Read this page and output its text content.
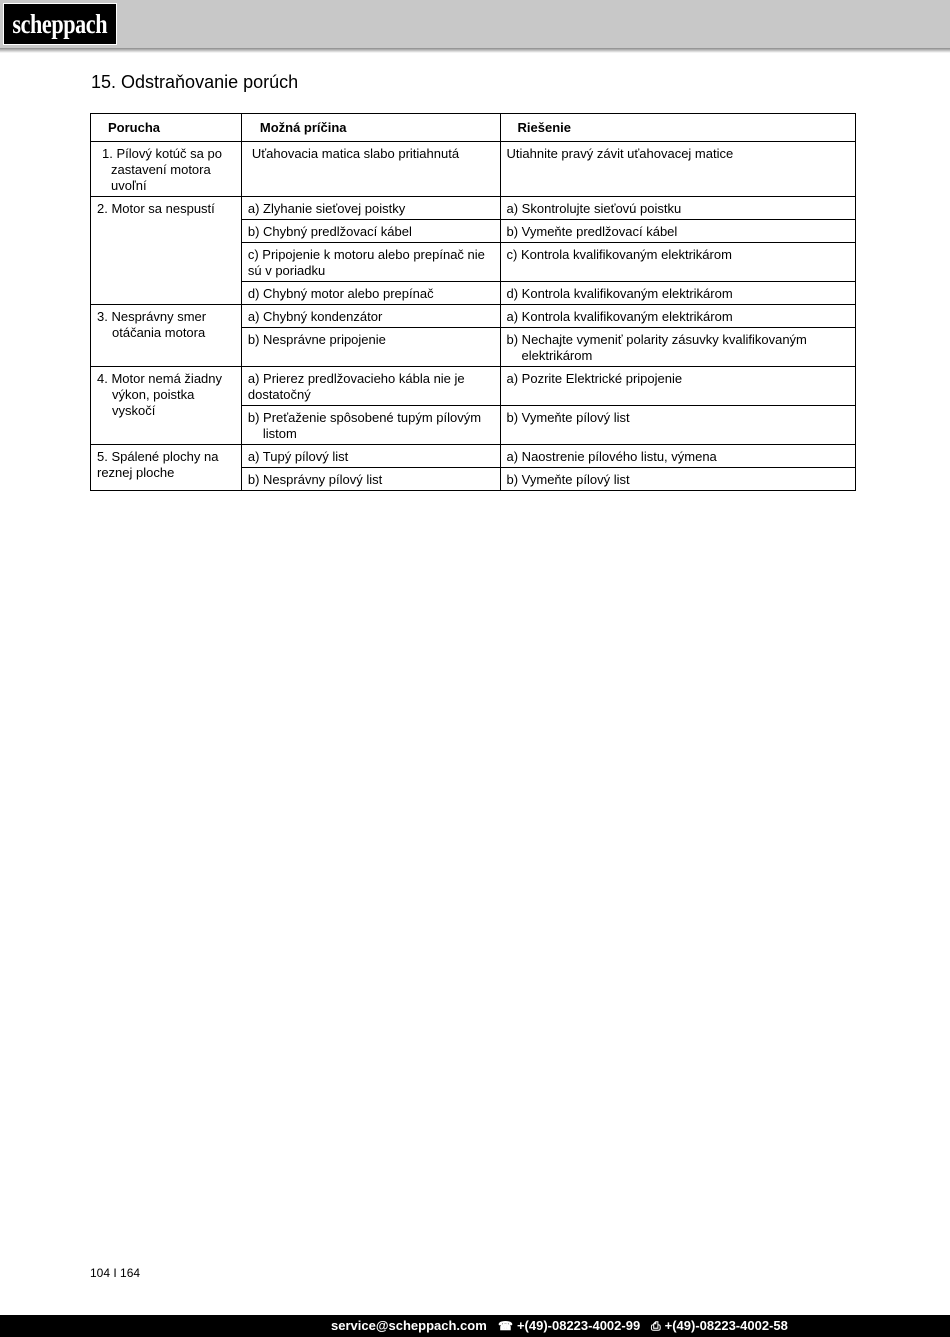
scheppach
15. Odstraňovanie porúch
Porucha	Možná príčina	Riešenie

1. Pílový kotúč sa po zastavení motora uvoľní	Uťahovacia matica slabo pritiahnutá	Utiahnite pravý závit uťahovacej matice
2. Motor sa nespustí	a) Zlyhanie sieťovej poistky	a) Skontrolujte sieťovú poistku
	b) Chybný predlžovací kábel	b) Vymeňte predlžovací kábel
	c) Pripojenie k motoru alebo prepínač nie sú v poriadku	c) Kontrola kvalifikovaným elektrikárom
	d) Chybný motor alebo prepínač	d) Kontrola kvalifikovaným elektrikárom

3. Nesprávny smer otáčania motora	a) Chybný kondenzátor	a) Kontrola kvalifikovaným elektrikárom
	b) Nesprávne pripojenie	b) Nechajte vymeniť polarity zásuvky kvalifikovaným elektrikárom

4. Motor nemá žiadny výkon, poistka vyskočí	a) Prierez predlžovacieho kábla nie je dostatočný	a) Pozrite Elektrické pripojenie

	b) Preťaženie spôsobené tupým pílovým listom	b) Vymeňte pílový list
5. Spálené plochy na reznej ploche	a) Tupý pílový list	a) Naostrenie pílového listu, výmena
	b) Nesprávny pílový list	b) Vymeňte pílový list
104 I 164
service@scheppach.com ☎ +(49)-08223-4002-99 ⎙ +(49)-08223-4002-58
